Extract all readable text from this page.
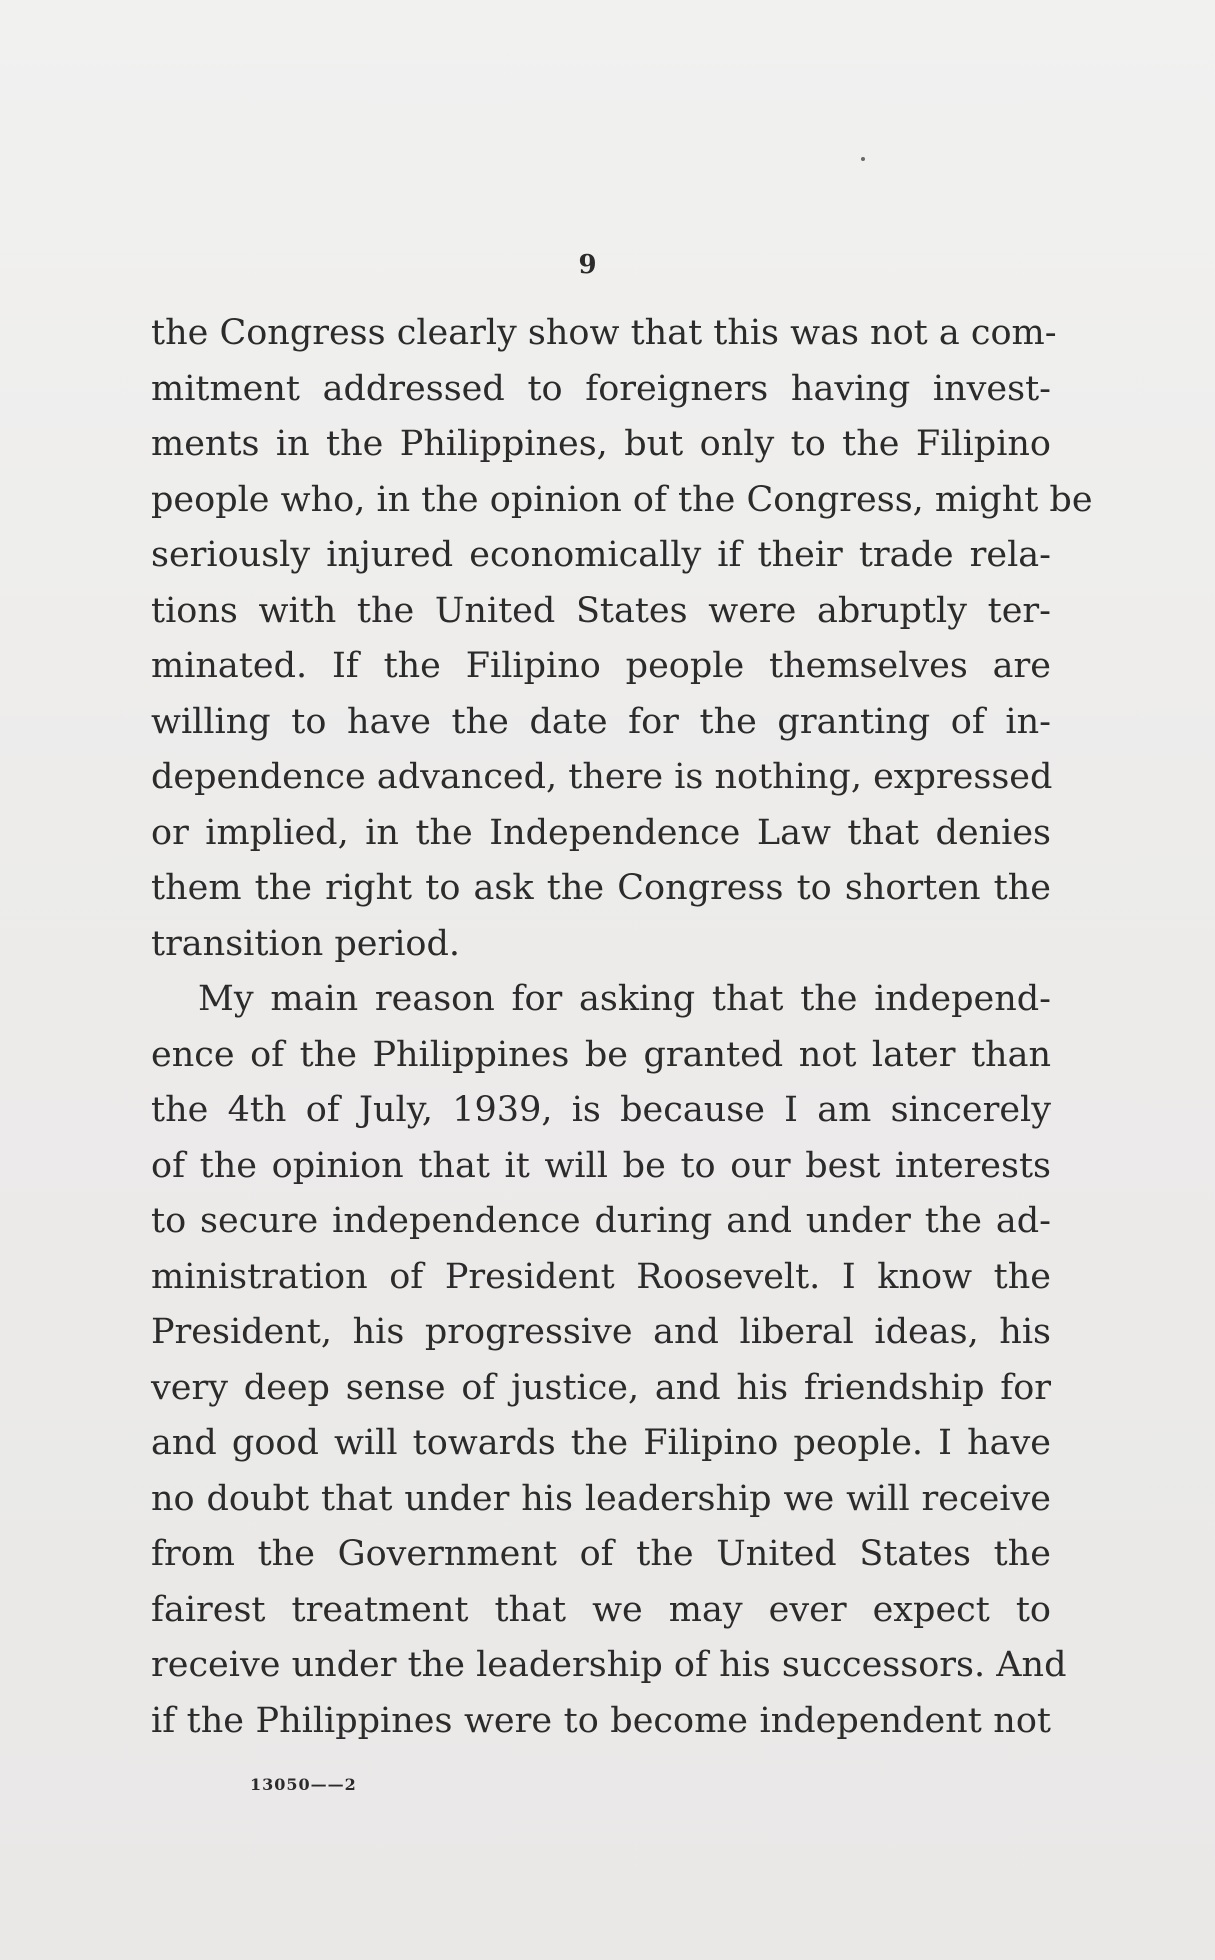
9
the Congress clearly show that this was not a com-
mitment addressed to foreigners having invest-
ments in the Philippines, but only to the Filipino
people who, in the opinion of the Congress, might be
seriously injured economically if their trade rela-
tions with the United States were abruptly ter-
minated. If the Filipino people themselves are
willing to have the date for the granting of in-
dependence advanced, there is nothing, expressed
or implied, in the Independence Law that denies
them the right to ask the Congress to shorten the
transition period.
My main reason for asking that the independ-
ence of the Philippines be granted not later than
the 4th of July, 1939, is because I am sincerely
of the opinion that it will be to our best interests
to secure independence during and under the ad-
ministration of President Roosevelt. I know the
President, his progressive and liberal ideas, his
very deep sense of justice, and his friendship for
and good will towards the Filipino people. I have
no doubt that under his leadership we will receive
from the Government of the United States the
fairest treatment that we may ever expect to
receive under the leadership of his successors. And
if the Philippines were to become independent not
13050——2
